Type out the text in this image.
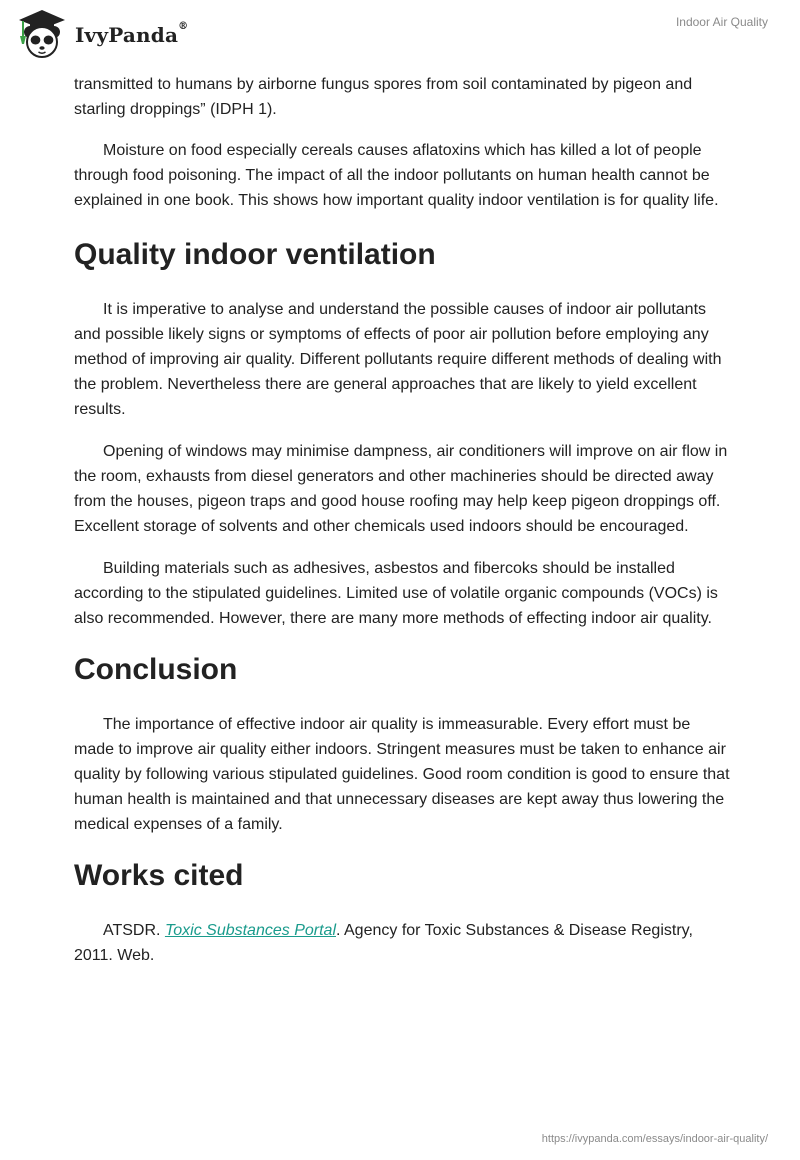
IvyPanda®	Indoor Air Quality

transmitted to humans by airborne fungus spores from soil contaminated by pigeon and starling droppings” (IDPH 1).

Moisture on food especially cereals causes aflatoxins which has killed a lot of people through food poisoning. The impact of all the indoor pollutants on human health cannot be explained in one book. This shows how important quality indoor ventilation is for quality life.

Quality indoor ventilation

It is imperative to analyse and understand the possible causes of indoor air pollutants and possible likely signs or symptoms of effects of poor air pollution before employing any method of improving air quality. Different pollutants require different methods of dealing with the problem. Nevertheless there are general approaches that are likely to yield excellent results.

Opening of windows may minimise dampness, air conditioners will improve on air flow in the room, exhausts from diesel generators and other machineries should be directed away from the houses, pigeon traps and good house roofing may help keep pigeon droppings off. Excellent storage of solvents and other chemicals used indoors should be encouraged.

Building materials such as adhesives, asbestos and fibercoks should be installed according to the stipulated guidelines. Limited use of volatile organic compounds (VOCs) is also recommended. However, there are many more methods of effecting indoor air quality.

Conclusion

The importance of effective indoor air quality is immeasurable. Every effort must be made to improve air quality either indoors. Stringent measures must be taken to enhance air quality by following various stipulated guidelines. Good room condition is good to ensure that human health is maintained and that unnecessary diseases are kept away thus lowering the medical expenses of a family.

Works cited

ATSDR. Toxic Substances Portal. Agency for Toxic Substances & Disease Registry, 2011. Web.

https://ivypanda.com/essays/indoor-air-quality/
